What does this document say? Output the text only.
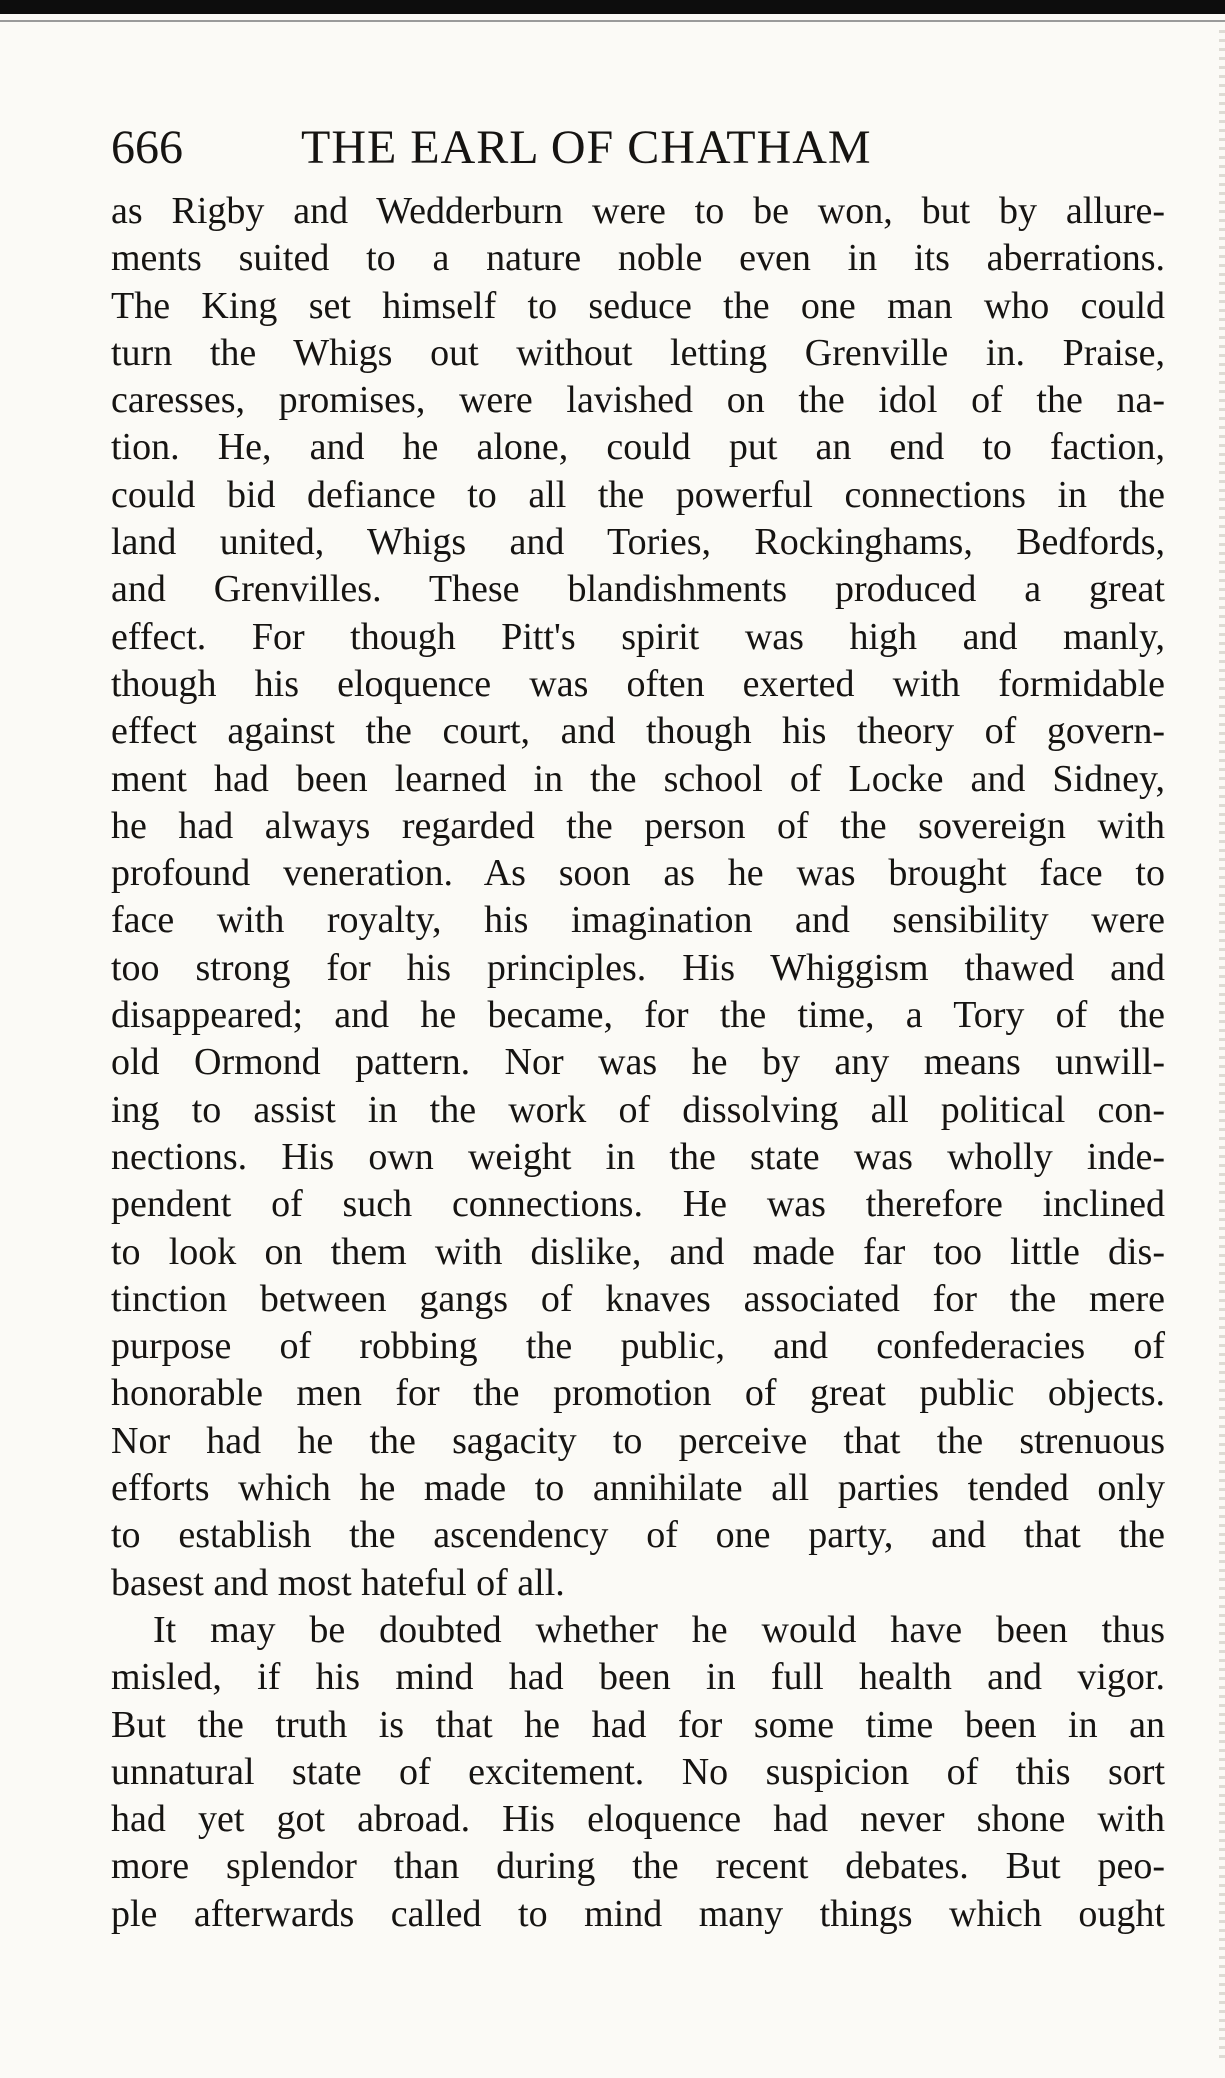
666 THE EARL OF CHATHAM
as Rigby and Wedderburn were to be won, but by allure-
ments suited to a nature noble even in its aberrations.
The King set himself to seduce the one man who could
turn the Whigs out without letting Grenville in. Praise,
caresses, promises, were lavished on the idol of the na-
tion. He, and he alone, could put an end to faction,
could bid defiance to all the powerful connections in the
land united, Whigs and Tories, Rockinghams, Bedfords,
and Grenvilles. These blandishments produced a great
effect. For though Pitt's spirit was high and manly,
though his eloquence was often exerted with formidable
effect against the court, and though his theory of govern-
ment had been learned in the school of Locke and Sidney,
he had always regarded the person of the sovereign with
profound veneration. As soon as he was brought face to
face with royalty, his imagination and sensibility were
too strong for his principles. His Whiggism thawed and
disappeared; and he became, for the time, a Tory of the
old Ormond pattern. Nor was he by any means unwill-
ing to assist in the work of dissolving all political con-
nections. His own weight in the state was wholly inde-
pendent of such connections. He was therefore inclined
to look on them with dislike, and made far too little dis-
tinction between gangs of knaves associated for the mere
purpose of robbing the public, and confederacies of
honorable men for the promotion of great public objects.
Nor had he the sagacity to perceive that the strenuous
efforts which he made to annihilate all parties tended only
to establish the ascendency of one party, and that the
basest and most hateful of all.
It may be doubted whether he would have been thus
misled, if his mind had been in full health and vigor.
But the truth is that he had for some time been in an
unnatural state of excitement. No suspicion of this sort
had yet got abroad. His eloquence had never shone with
more splendor than during the recent debates. But peo-
ple afterwards called to mind many things which ought
